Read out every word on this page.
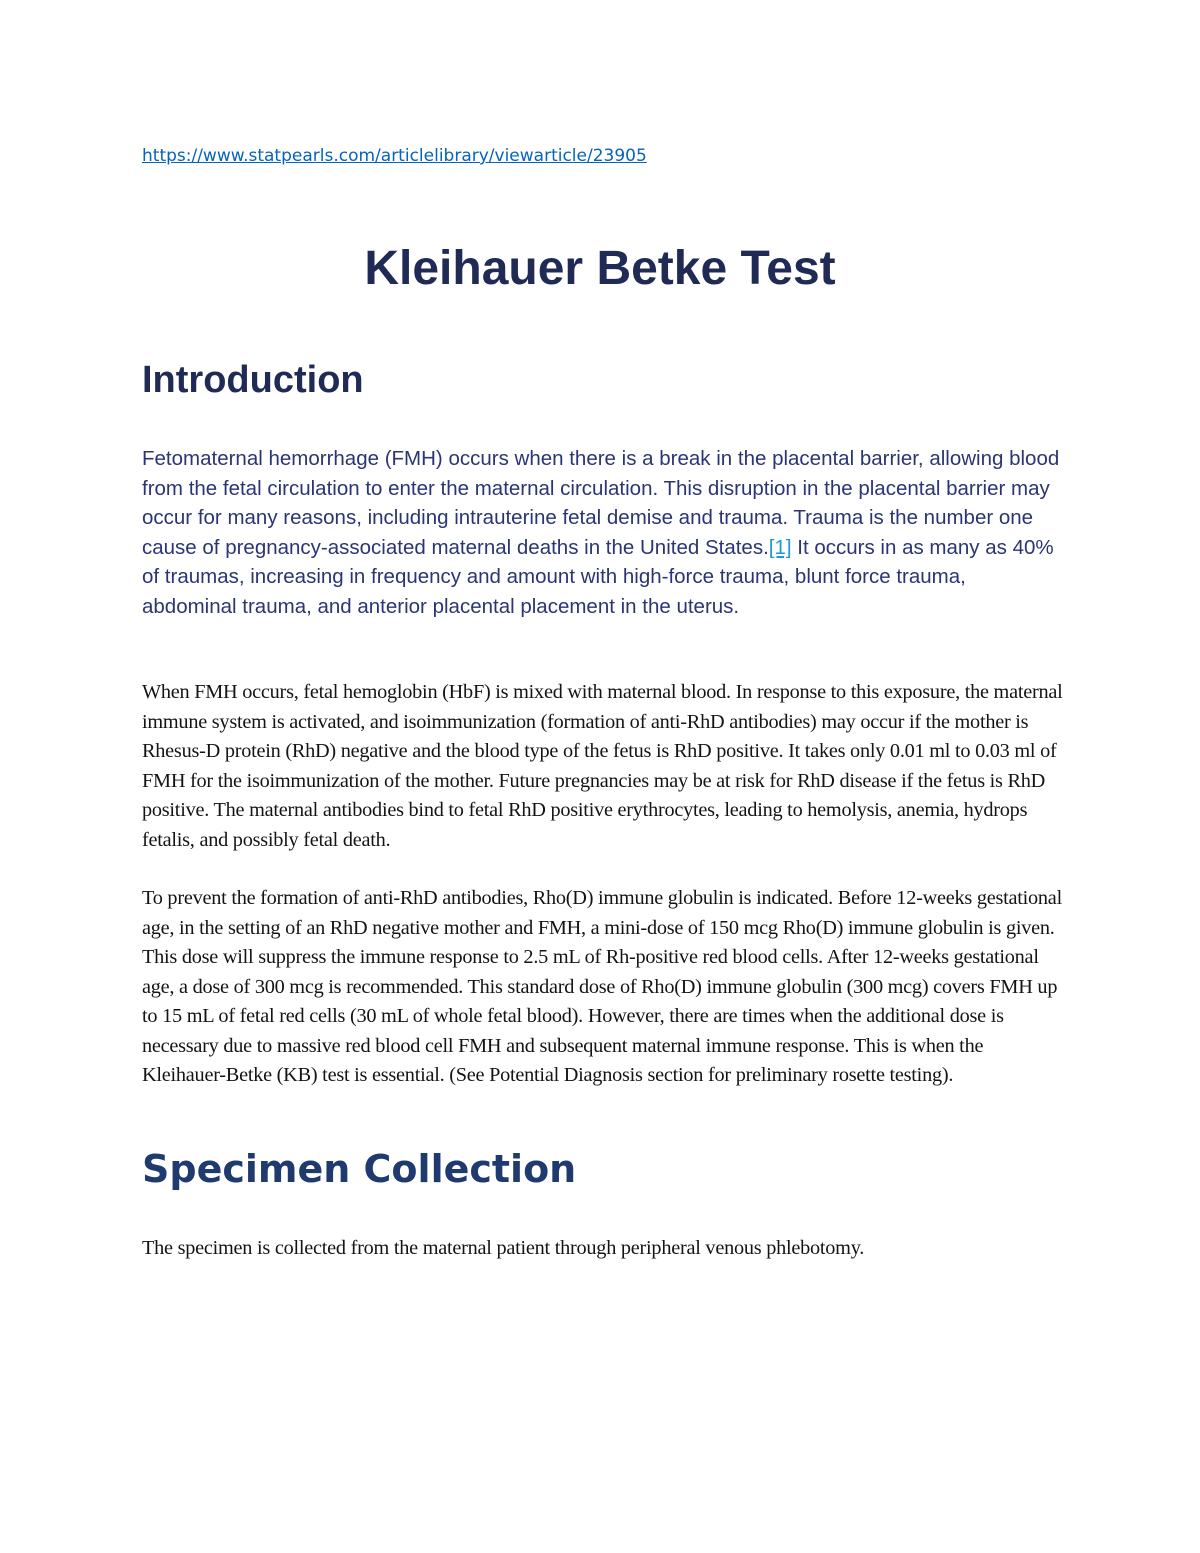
https://www.statpearls.com/articlelibrary/viewarticle/23905
Kleihauer Betke Test
Introduction

Fetomaternal hemorrhage (FMH) occurs when there is a break in the placental barrier, allowing blood from the fetal circulation to enter the maternal circulation. This disruption in the placental barrier may occur for many reasons, including intrauterine fetal demise and trauma. Trauma is the number one cause of pregnancy-associated maternal deaths in the United States.[1] It occurs in as many as 40% of traumas, increasing in frequency and amount with high-force trauma, blunt force trauma, abdominal trauma, and anterior placental placement in the uterus.

When FMH occurs, fetal hemoglobin (HbF) is mixed with maternal blood. In response to this exposure, the maternal immune system is activated, and isoimmunization (formation of anti-RhD antibodies) may occur if the mother is Rhesus-D protein (RhD) negative and the blood type of the fetus is RhD positive. It takes only 0.01 ml to 0.03 ml of FMH for the isoimmunization of the mother. Future pregnancies may be at risk for RhD disease if the fetus is RhD positive. The maternal antibodies bind to fetal RhD positive erythrocytes, leading to hemolysis, anemia, hydrops fetalis, and possibly fetal death.

To prevent the formation of anti-RhD antibodies, Rho(D) immune globulin is indicated. Before 12-weeks gestational age, in the setting of an RhD negative mother and FMH, a mini-dose of 150 mcg Rho(D) immune globulin is given. This dose will suppress the immune response to 2.5 mL of Rh-positive red blood cells. After 12-weeks gestational age, a dose of 300 mcg is recommended. This standard dose of Rho(D) immune globulin (300 mcg) covers FMH up to 15 mL of fetal red cells (30 mL of whole fetal blood). However, there are times when the additional dose is necessary due to massive red blood cell FMH and subsequent maternal immune response. This is when the Kleihauer-Betke (KB) test is essential. (See Potential Diagnosis section for preliminary rosette testing).

Specimen Collection

The specimen is collected from the maternal patient through peripheral venous phlebotomy.
